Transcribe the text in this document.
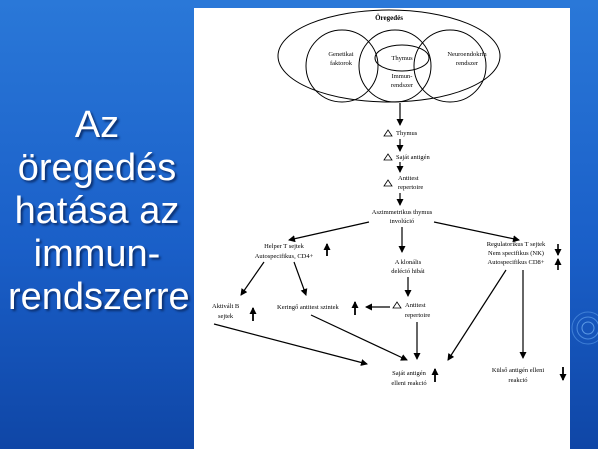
Az
öregedés
hatása az
immun-
rendszerre
Öregedés
Genetikai
faktorok
Thymus
Immun-
rendszer
Neuroendokrin
rendszer
Thymus
Saját antigén
Antitest
repertoire
Aszimmetrikus thymus
involúció
Helper T sejtek
Autospecifikus, CD4+
A klonális
deléció hibái
Regulatorikus T sejtek
Nem specifikus (NK)
Autospecifikus CD8+
Aktivált B
sejtek
Keringő antitest szintek	Antitest
repertoire
Saját antigén
elleni reakció
Külső antigén elleni
reakció
